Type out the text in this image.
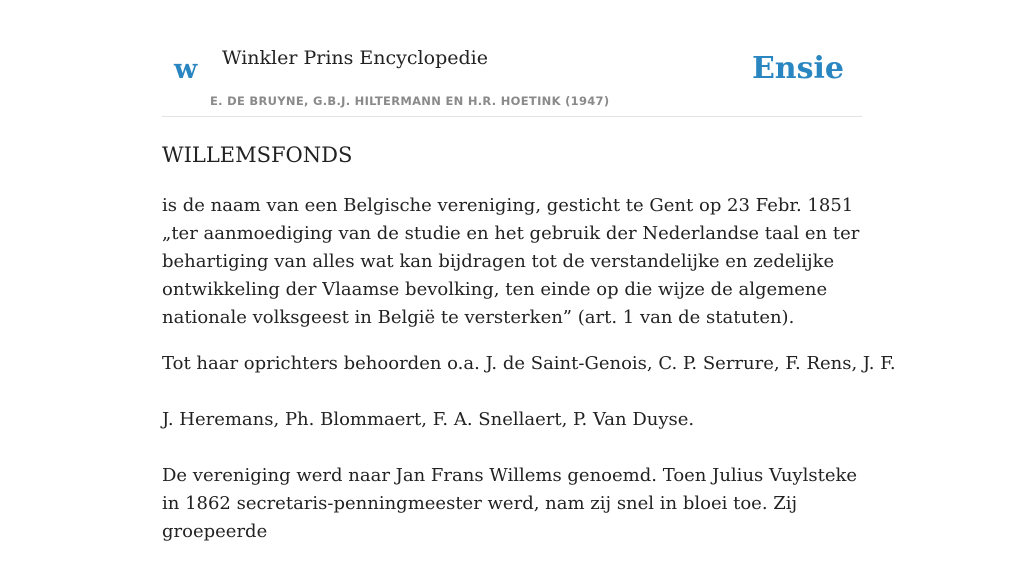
w Winkler Prins Encyclopedie
E. DE BRUYNE, G.B.J. HILTERMANN EN H.R. HOETINK (1947)
Ensie
WILLEMSFONDS

is de naam van een Belgische vereniging, gesticht te Gent op 23 Febr. 1851 „ter aanmoediging van de studie en het gebruik der Nederlandse taal en ter behartiging van alles wat kan bijdragen tot de verstandelijke en zedelijke ontwikkeling der Vlaamse bevolking, ten einde op die wijze de algemene nationale volksgeest in België te versterken” (art. 1 van de statuten).

Tot haar oprichters behoorden o.a. J. de Saint-Genois, C. P. Serrure, F. Rens, J. F.

J. Heremans, Ph. Blommaert, F. A. Snellaert, P. Van Duyse.

De vereniging werd naar Jan Frans Willems genoemd. Toen Julius Vuylsteke in 1862 secretaris-penningmeester werd, nam zij snel in bloei toe. Zij groepeerde
